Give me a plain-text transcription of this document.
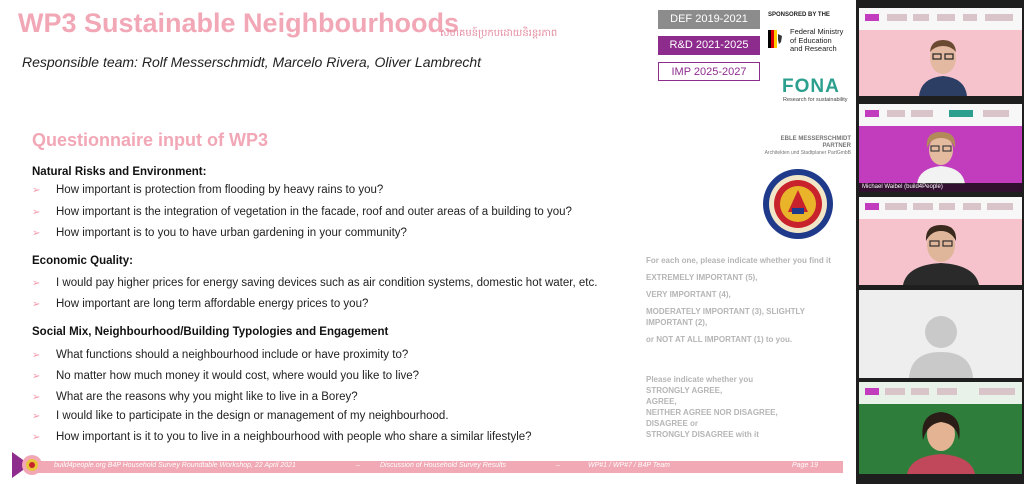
WP3 Sustainable Neighbourhoods
សហគមន៍ប្រកបដោយនិរន្តរភាព
Responsible team: Rolf Messerschmidt, Marcelo Rivera, Oliver Lambrecht
DEF 2019-2021
R&D 2021-2025
IMP 2025-2027
SPONSORED BY THE
Federal Ministry
of Education
and Research
FONA
Research for sustainability
Questionnaire input of WP3	EBLE MESSERSCHMIDT PARTNER
Architekten und Stadtplaner PartGmbB
Natural Risks and Environment:
➢ How important is protection from flooding by heavy rains to you?
➢ How important is the integration of vegetation in the facade, roof and outer areas of a building to you?
➢ How important is to you to have urban gardening in your community?
Economic Quality:
➢ I would pay higher prices for energy saving devices such as air condition systems, domestic hot water, etc.
➢ How important are long term affordable energy prices to you?
Social Mix, Neighbourhood/Building Typologies and Engagement
➢ What functions should a neighbourhood include or have proximity to?
➢ No matter how much money it would cost, where would you like to live?
➢ What are the reasons why you might like to live in a Borey?
➢ I would like to participate in the design or management of my neighbourhood.
➢ How important is it to you to live in a neighbourhood with people who share a similar lifestyle?
For each one, please indicate whether you find it
EXTREMELY IMPORTANT (5),
VERY IMPORTANT (4),
MODERATELY IMPORTANT (3), SLIGHTLY IMPORTANT (2),
or NOT AT ALL IMPORTANT (1) to you.
Please indicate whether you
STRONGLY AGREE,
AGREE,
NEITHER AGREE NOR DISAGREE,
DISAGREE or
STRONGLY DISAGREE with it
build4people.org B4P Household Survey Roundtable Workshop, 22 April 2021	–	Discussion of Household Survey Results	–	WP#1 / WP#7 / B4P Team	Page 19
Michael Waibel (build4People)
